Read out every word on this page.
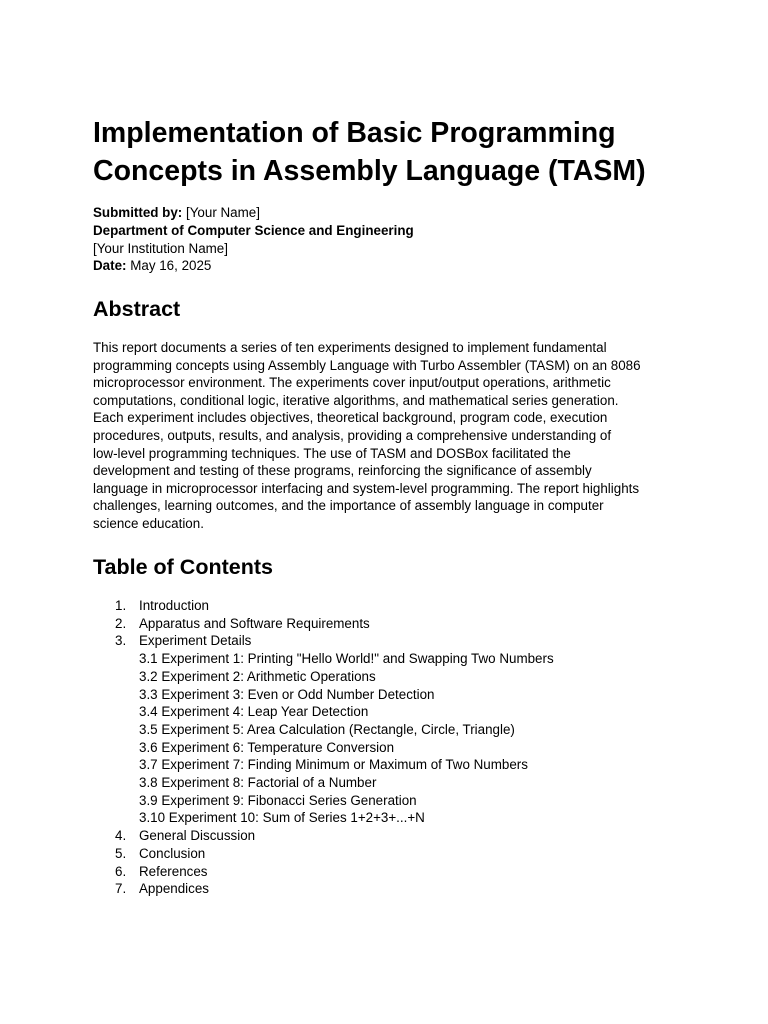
Implementation of Basic Programming
Concepts in Assembly Language (TASM)
Submitted by: [Your Name]
Department of Computer Science and Engineering
[Your Institution Name]
Date: May 16, 2025
Abstract

This report documents a series of ten experiments designed to implement fundamental
programming concepts using Assembly Language with Turbo Assembler (TASM) on an 8086
microprocessor environment. The experiments cover input/output operations, arithmetic
computations, conditional logic, iterative algorithms, and mathematical series generation.
Each experiment includes objectives, theoretical background, program code, execution
procedures, outputs, results, and analysis, providing a comprehensive understanding of
low-level programming techniques. The use of TASM and DOSBox facilitated the
development and testing of these programs, reinforcing the significance of assembly
language in microprocessor interfacing and system-level programming. The report highlights
challenges, learning outcomes, and the importance of assembly language in computer
science education.

Table of Contents
1. Introduction
2. Apparatus and Software Requirements
3. Experiment Details
3.1 Experiment 1: Printing "Hello World!" and Swapping Two Numbers
3.2 Experiment 2: Arithmetic Operations
3.3 Experiment 3: Even or Odd Number Detection
3.4 Experiment 4: Leap Year Detection
3.5 Experiment 5: Area Calculation (Rectangle, Circle, Triangle)
3.6 Experiment 6: Temperature Conversion
3.7 Experiment 7: Finding Minimum or Maximum of Two Numbers
3.8 Experiment 8: Factorial of a Number
3.9 Experiment 9: Fibonacci Series Generation
3.10 Experiment 10: Sum of Series 1+2+3+...+N
4. General Discussion
5. Conclusion
6. References
7. Appendices
